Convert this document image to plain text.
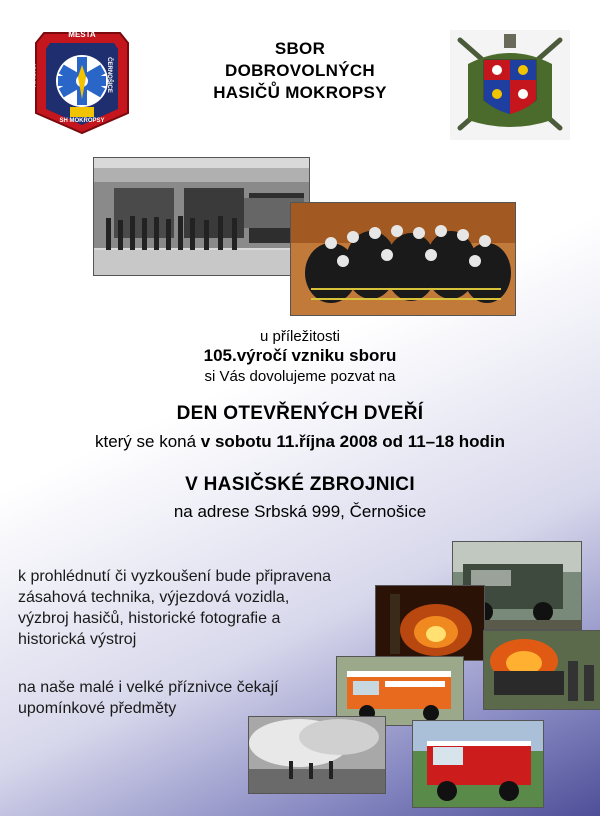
MĚSTA
HASIČI	ČERNOŠICE
SH MOKROPSY
SBOR
DOBROVOLNÝCH
HASIČŮ MOKROPSY
u příležitosti
105.výročí vzniku sboru
si Vás dovolujeme pozvat na
DEN OTEVŘENÝCH DVEŘÍ
který se koná v sobotu 11.října 2008 od 11–18 hodin
V HASIČSKÉ ZBROJNICI
na adrese Srbská 999, Černošice
k prohlédnutí či vyzkoušení bude připravena zásahová technika, výjezdová vozidla, výzbroj hasičů, historické fotografie a historická výstroj
na naše malé i velké příznivce čekají upomínkové předměty
